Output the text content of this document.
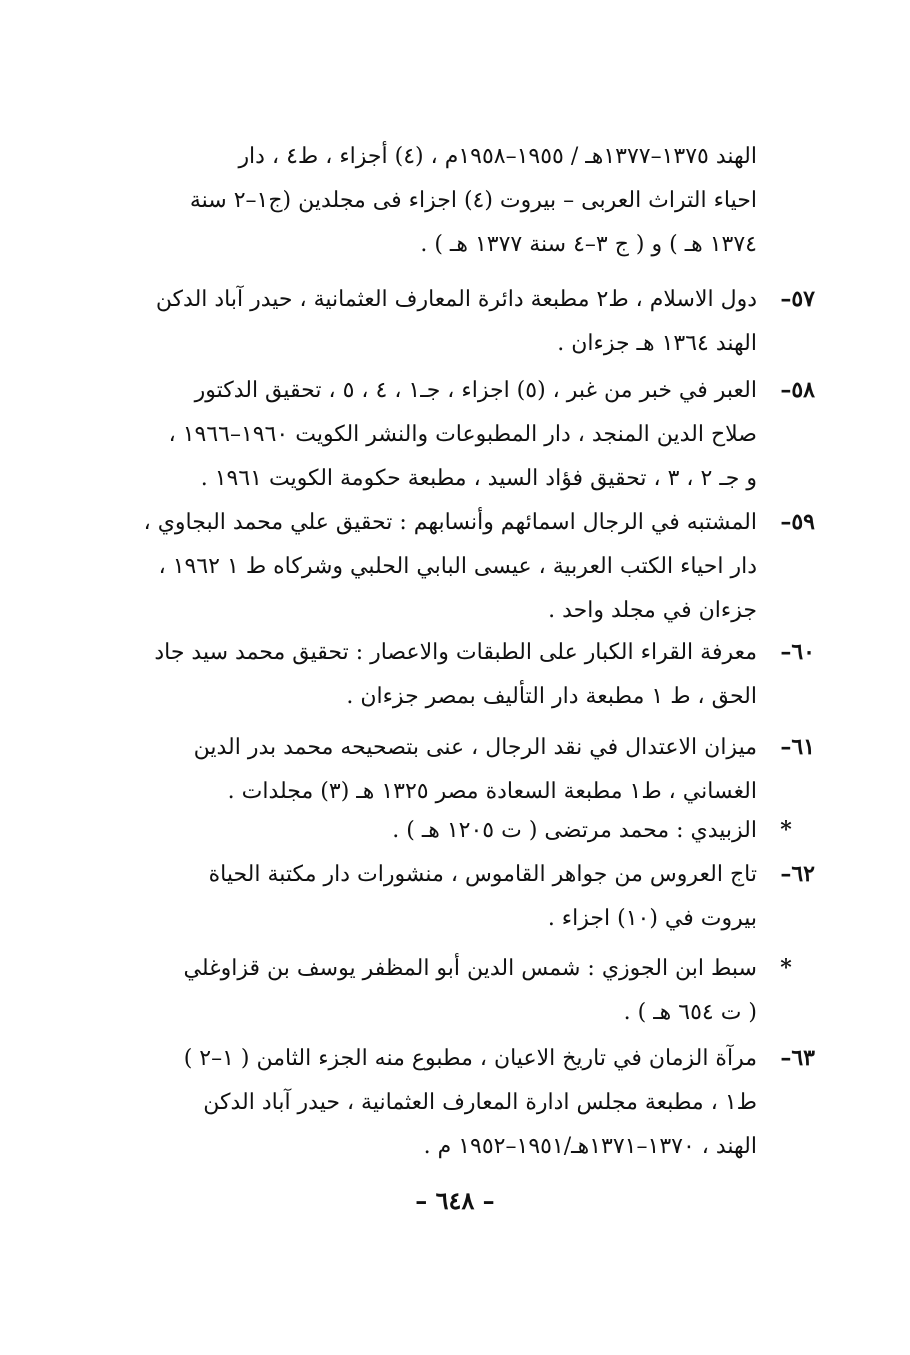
الهند ١٣٧٥–١٣٧٧هـ / ١٩٥٥–١٩٥٨م ، (٤) أجزاء ، ط٤ ، دار
احياء التراث العربى – بيروت (٤) اجزاء فى مجلدين (ج١–٢ سنة
١٣٧٤ هـ ) و ( ج ٣–٤ سنة ١٣٧٧ هـ ) .
٥٧–دول الاسلام ، ط٢ مطبعة دائرة المعارف العثمانية ، حيدر آباد الدكن
الهند ١٣٦٤ هـ جزءان .
٥٨–العبر في خبر من غبر ، (٥) اجزاء ، جـ١ ، ٤ ، ٥ ، تحقيق الدكتور
صلاح الدين المنجد ، دار المطبوعات والنشر الكويت ١٩٦٠–١٩٦٦ ،
و جـ ٢ ، ٣ ، تحقيق فؤاد السيد ، مطبعة حكومة الكويت ١٩٦١ .
٥٩–المشتبه في الرجال اسمائهم وأنسابهم : تحقيق علي محمد البجاوي ،
دار احياء الكتب العربية ، عيسى البابي الحلبي وشركاه ط ١ ١٩٦٢ ،
جزءان في مجلد واحد .
٦٠–معرفة القراء الكبار على الطبقات والاعصار : تحقيق محمد سيد جاد
الحق ، ط ١ مطبعة دار التأليف بمصر جزءان .
٦١–ميزان الاعتدال في نقد الرجال ، عنى بتصحيحه محمد بدر الدين
الغساني ، ط١ مطبعة السعادة مصر ١٣٢٥ هـ (٣) مجلدات .
*الزبيدي : محمد مرتضى ( ت ١٢٠٥ هـ ) .
٦٢–تاج العروس من جواهر القاموس ، منشورات دار مكتبة الحياة
بيروت في (١٠) اجزاء .
*سبط ابن الجوزي : شمس الدين أبو المظفر يوسف بن قزاوغلي
( ت ٦٥٤ هـ ) .
٦٣–مرآة الزمان في تاريخ الاعيان ، مطبوع منه الجزء الثامن ( ١–٢ )
ط١ ، مطبعة مجلس ادارة المعارف العثمانية ، حيدر آباد الدكن
الهند ، ١٣٧٠–١٣٧١هـ/١٩٥١–١٩٥٢ م .
– ٦٤٨ –
